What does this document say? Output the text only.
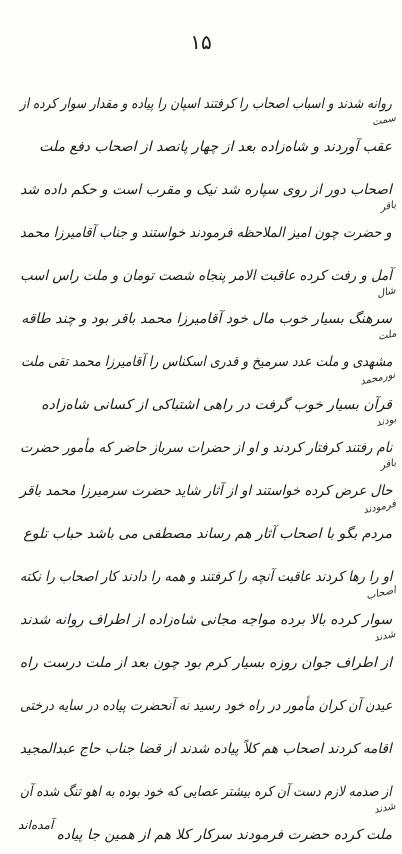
۱۵
روانه شدند و اسباب اصحاب را کرفتند اسپان را پیاده و مقدار سوار کرده از
عقب آوردند و شاه‌زاده بعد از چهار پانصد از اصحاب دفع ملت
سمت
اصحاب دور از روی سپاره شد نیک و مقرب است و حکم داده شد
و حضرت چون امیز الملاحظه فرمودند خواستند و جناب آقامیرزا محمد
باقر
آمل و رفت کرده عاقبت الامر پنجاه شصت تومان و ملت راس اسب
سرهنگ بسیار خوب مال خود آقامیرزا محمد باقر بود و چند طاقه
شال
مشهدی و ملت عدد سرمیخ و قدری اسکناس را آقامیرزا محمد تقی ملت
ملت
قرآن بسیار خوب گرفت در راهی اشتباکی از کسانی شاه‌زاده
نورمحمد
نام رفتند کرفتار کردند و او از حضرات سرباز حاضر که مأمور حضرت
بودند
حال عرض کرده خواستند او از آثار شاید حضرت سرمیرزا محمد باقر
باقر
مردم بگو با اصحاب آثار هم رساند مصطفی می باشد حباب تلوع
فرمودند
او را رها کردند عاقبت آنچه را کرفتند و همه را دادند کار اصحاب را نکته
سوار کرده بالا برده مواجه مجانی شاه‌زاده از اطراف روانه شدند
اصحاب
از اطراف جوان روزه بسیار کرم بود چون بعد از ملت درست راه
شدند
عیدن آن کران مأمور در راه خود رسید نه آنحضرت پیاده در سایه درختی
اقامه کردند اصحاب هم کلاً پیاده شدند از قضا جناب حاج عبدالمجید
از صدمه لازم دست آن کره بیشتر عصایی که خود بوده به اهو تنگ شده آن
ملت کرده حضرت فرمودند سرکار کلا هم از همین جا پیاده
شدند
آمده‌اند
